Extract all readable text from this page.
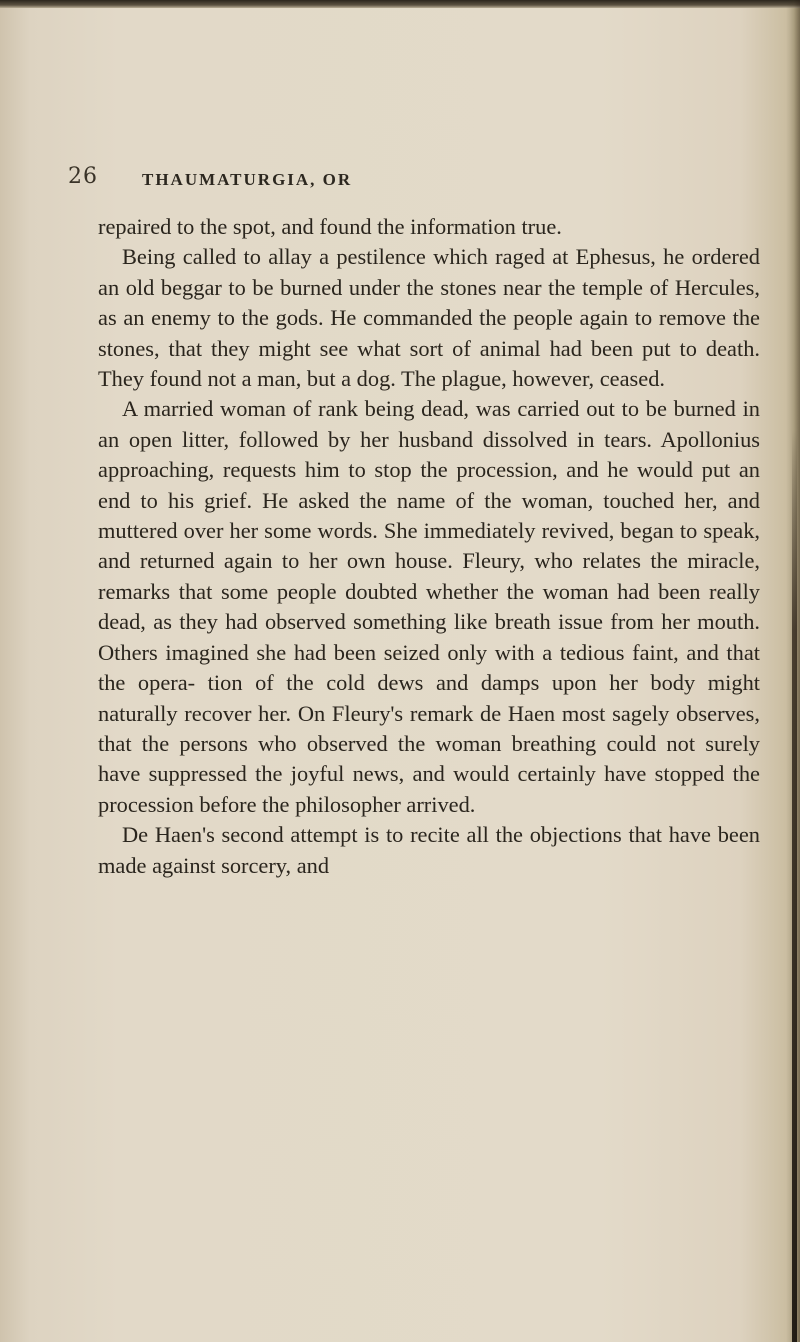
26	THAUMATURGIA, OR

repaired to the spot, and found the information true.

Being called to allay a pestilence which raged at Ephesus, he ordered an old beggar to be burned under the stones near the temple of Hercules, as an enemy to the gods. He commanded the people again to remove the stones, that they might see what sort of animal had been put to death. They found not a man, but a dog. The plague, however, ceased.

A married woman of rank being dead, was carried out to be burned in an open litter, followed by her husband dissolved in tears. Apollonius approaching, requests him to stop the procession, and he would put an end to his grief. He asked the name of the woman, touched her, and muttered over her some words. She immediately revived, began to speak, and returned again to her own house. Fleury, who relates the miracle, remarks that some people doubted whether the woman had been really dead, as they had observed something like breath issue from her mouth. Others imagined she had been seized only with a tedious faint, and that the opera- tion of the cold dews and damps upon her body might naturally recover her. On Fleury's remark de Haen most sagely observes, that the persons who observed the woman breathing could not surely have suppressed the joyful news, and would certainly have stopped the procession before the philosopher arrived.

De Haen's second attempt is to recite all the objections that have been made against sorcery, and
